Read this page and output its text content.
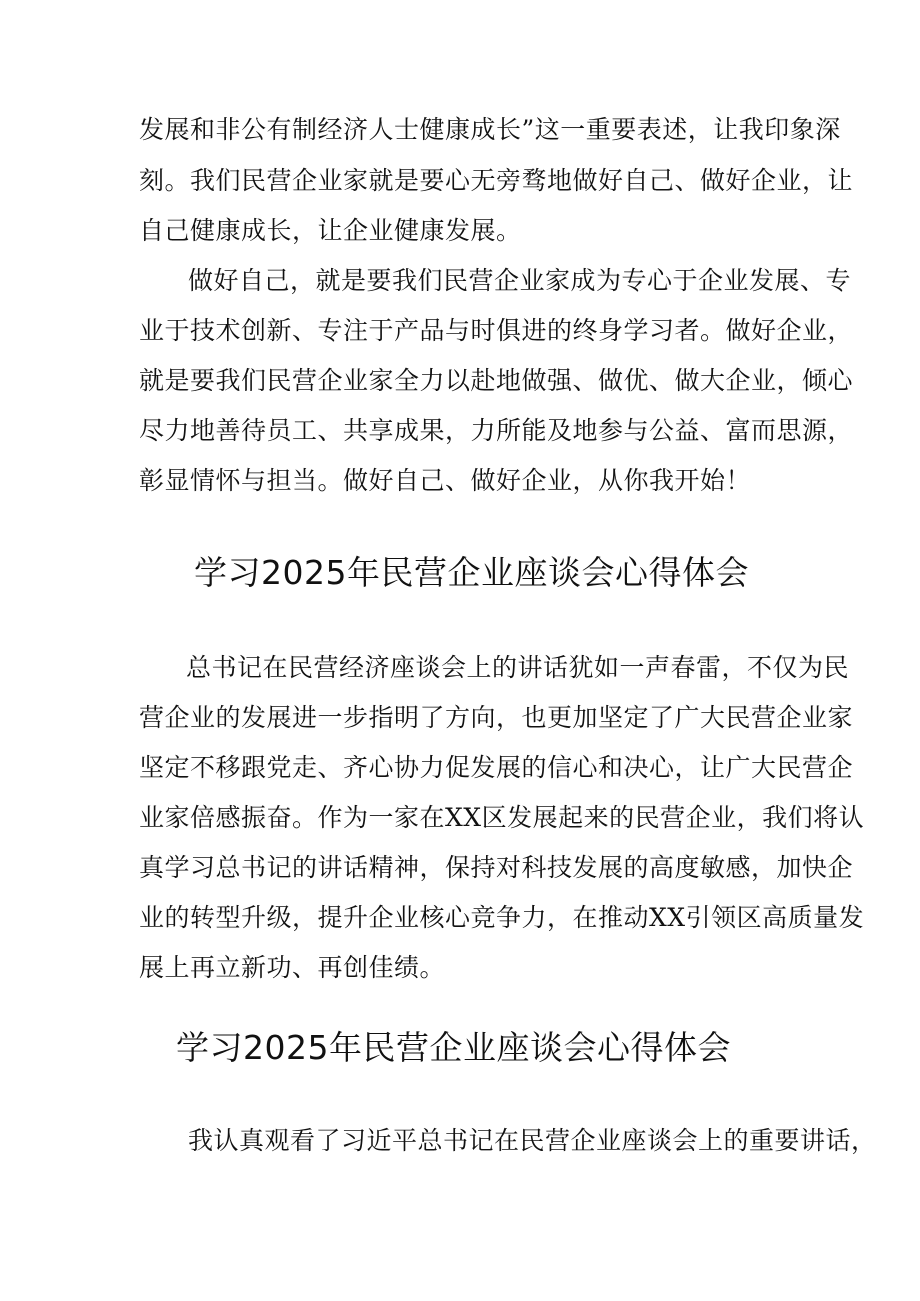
发展和非公有制经济人士健康成长”这一重要表述，让我印象深

刻。我们民营企业家就是要心无旁骛地做好自己、做好企业，让

自己健康成长，让企业健康发展。

做好自己，就是要我们民营企业家成为专心于企业发展、专

业于技术创新、专注于产品与时俱进的终身学习者。做好企业，

就是要我们民营企业家全力以赴地做强、做优、做大企业，倾心

尽力地善待员工、共享成果，力所能及地参与公益、富而思源，

彰显情怀与担当。做好自己、做好企业，从你我开始！

学习2025年民营企业座谈会心得体会

总书记在民营经济座谈会上的讲话犹如一声春雷，不仅为民

营企业的发展进一步指明了方向，也更加坚定了广大民营企业家

坚定不移跟党走、齐心协力促发展的信心和决心，让广大民营企

业家倍感振奋。作为一家在XX区发展起来的民营企业，我们将认

真学习总书记的讲话精神，保持对科技发展的高度敏感，加快企

业的转型升级，提升企业核心竞争力，在推动XX引领区高质量发

展上再立新功、再创佳绩。

学习2025年民营企业座谈会心得体会

我认真观看了习近平总书记在民营企业座谈会上的重要讲话，
